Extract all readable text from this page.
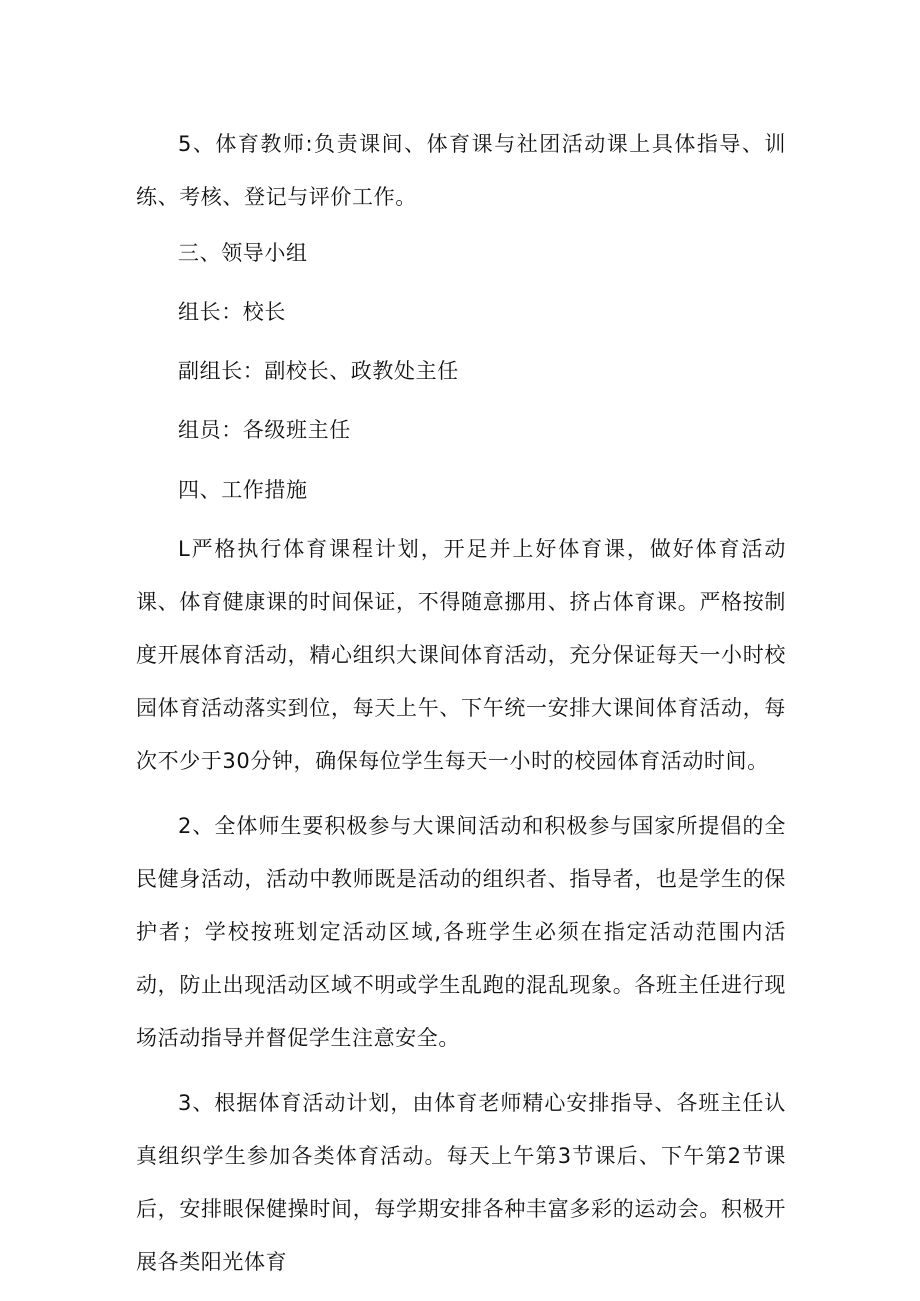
5、体育教师:负责课间、体育课与社团活动课上具体指导、训练、考核、登记与评价工作。

三、领导小组

组长：校长

副组长：副校长、政教处主任

组员：各级班主任

四、工作措施

L严格执行体育课程计划，开足并上好体育课，做好体育活动课、体育健康课的时间保证，不得随意挪用、挤占体育课。严格按制度开展体育活动，精心组织大课间体育活动，充分保证每天一小时校园体育活动落实到位，每天上午、下午统一安排大课间体育活动，每次不少于30分钟，确保每位学生每天一小时的校园体育活动时间。

2、全体师生要积极参与大课间活动和积极参与国家所提倡的全民健身活动，活动中教师既是活动的组织者、指导者，也是学生的保护者；学校按班划定活动区域,各班学生必须在指定活动范围内活动，防止出现活动区域不明或学生乱跑的混乱现象。各班主任进行现场活动指导并督促学生注意安全。

3、根据体育活动计划，由体育老师精心安排指导、各班主任认真组织学生参加各类体育活动。每天上午第3节课后、下午第2节课后，安排眼保健操时间，每学期安排各种丰富多彩的运动会。积极开展各类阳光体育
